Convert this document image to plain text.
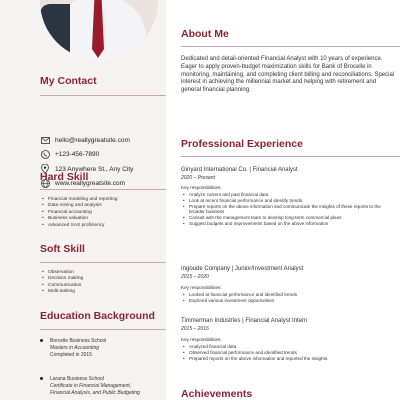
My Contact
hello@reallygreatsite.com
+123-456-7890
123 Anywhere St., Any City
www.reallygreatsite.com
Hard Skill
• Financial modeling and reporting
• Data mining and analysis
• Financial accounting
• Business valuation
• Advanced SAS proficiency
Soft Skill
• Observation
• Decision making
• Communication
• Multi-tasking
Education Background
Borcelle Business School
Masters in Accounting
Completed in 2015
Larana Business School
Certificate in Financial Management,
Financial Analysis, and Public Budgeting
About Me
Dedicated and detail-oriented Financial Analyst with 10 years of experience. Eager to apply proven-budget maximization skills for Bank of Brocelle in monitoring, maintaining, and completing client billing and reconciliations. Special interest in achieving the millennial market and helping with retirement and general financial planning.
Professional Experience
Ginyard International Co. | Financial Analyst
2020 – Present
Key responsibilities:
• Analyze current and past financial data
• Look at recent financial performance and identify trends
• Prepare reports on the above information and communicate the insights of these reports to the broader business
• Consult with the management team to develop long-term commercial plans
• Suggest budgets and improvements based on the above information
Ingoude Company | Junior/Investment Analyst
2015 – 2020
Key responsibilities:
• Looked at financial performance and identified trends
• Explored various investment opportunities
Timmerman Industries | Financial Analyst Intern
2015 – 2016
Key responsibilities:
• Analyzed financial data
• Observed financial performance and identified trends
• Prepared reports on the above information and reported the insights.
Achievements
